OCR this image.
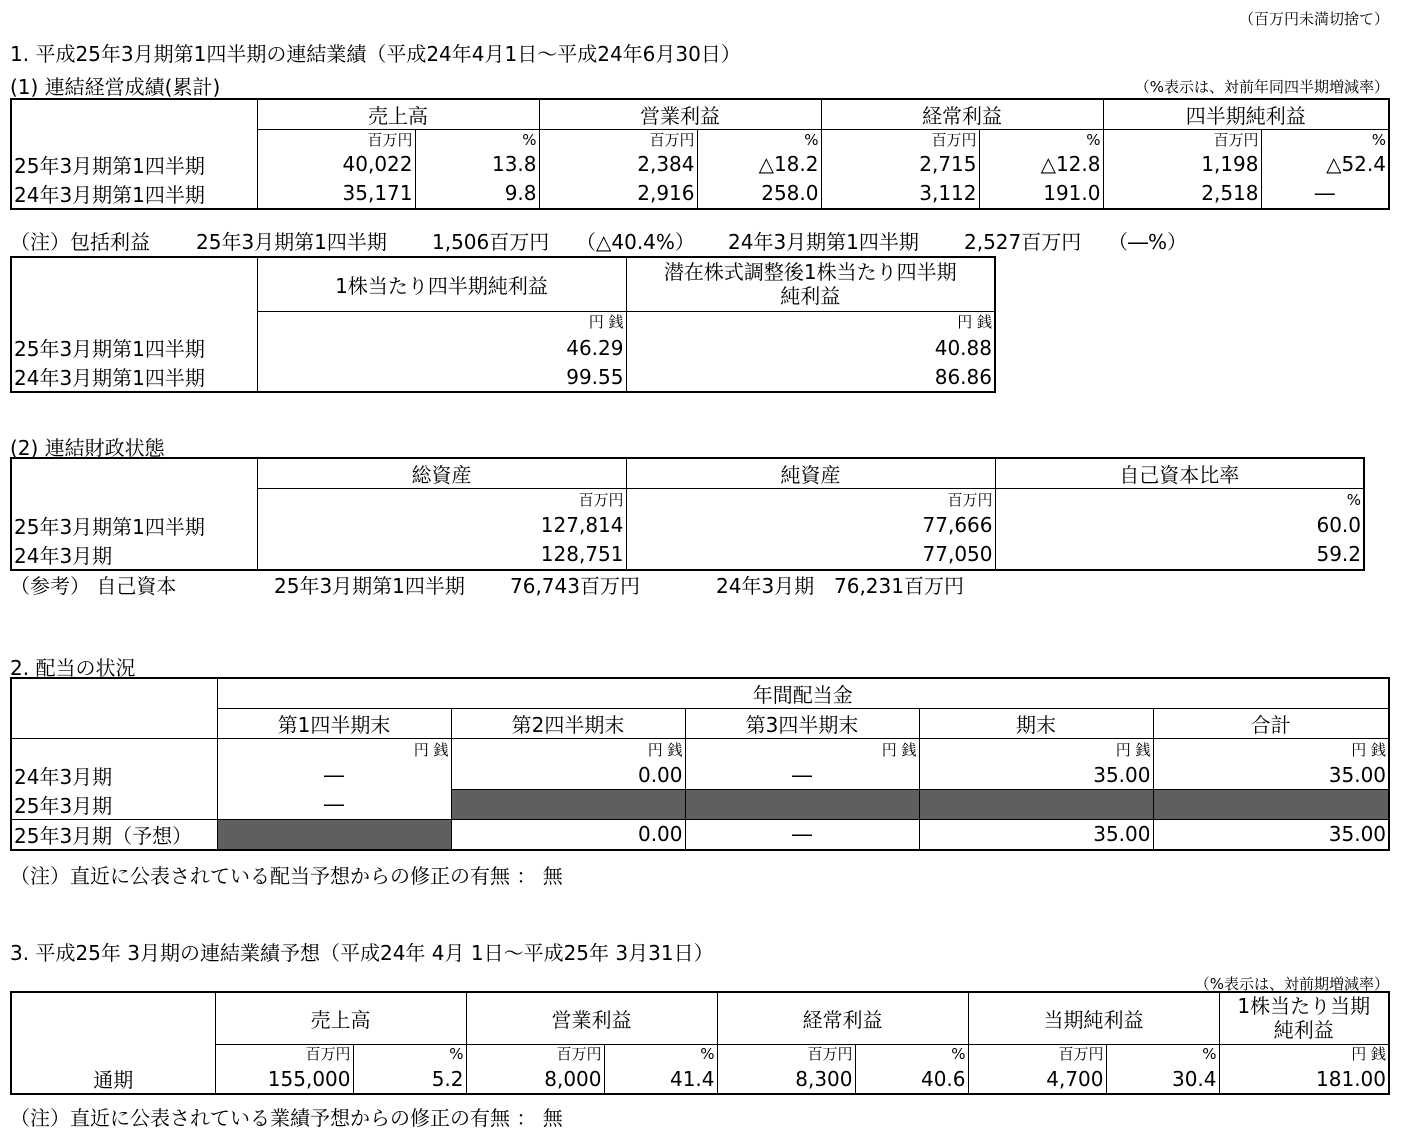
（百万円未満切捨て）
1. 平成25年3月期第1四半期の連結業績（平成24年4月1日～平成24年6月30日）
(1) 連結経営成績(累計)	（%表示は、対前年同四半期増減率）
	売上高		営業利益		経常利益		四半期純利益	
	百万円	%	百万円	%	百万円	%	百万円	%
25年3月期第1四半期	40,022	13.8	2,384	△18.2	2,715	△12.8	1,198	△52.4
24年3月期第1四半期	35,171	9.8	2,916	258.0	3,112	191.0	2,518	―
（注）包括利益 25年3月期第1四半期 1,506百万円 （△40.4%） 24年3月期第1四半期 2,527百万円 （―%）
	1株当たり四半期純利益	潜在株式調整後1株当たり四半期
純利益

	円 銭	円 銭
25年3月期第1四半期	46.29	40.88
24年3月期第1四半期	99.55	86.86
(2) 連結財政状態
	総資産	純資産	自己資本比率
	百万円	百万円	%
25年3月期第1四半期	127,814	77,666	60.0
24年3月期	128,751	77,050	59.2
（参考） 自己資本	25年3月期第1四半期 76,743百万円	24年3月期 76,231百万円
2. 配当の状況
	年間配当金				
	第1四半期末	第2四半期末	第3四半期末	期末	合計
	円 銭	円 銭	円 銭	円 銭	円 銭
24年3月期	―	0.00	―	35.00	35.00
25年3月期	―				
25年3月期（予想）		0.00	―	35.00	35.00
（注）直近に公表されている配当予想からの修正の有無 ： 無
3. 平成25年 3月期の連結業績予想（平成24年 4月 1日～平成25年 3月31日）
（%表示は、対前期増減率）
	売上高		営業利益		経常利益		当期純利益		1株当たり当期
純利益

	百万円	%	百万円	%	百万円	%	百万円	%	円 銭
通期	155,000	5.2	8,000	41.4	8,300	40.6	4,700	30.4	181.00
（注）直近に公表されている業績予想からの修正の有無 ： 無
